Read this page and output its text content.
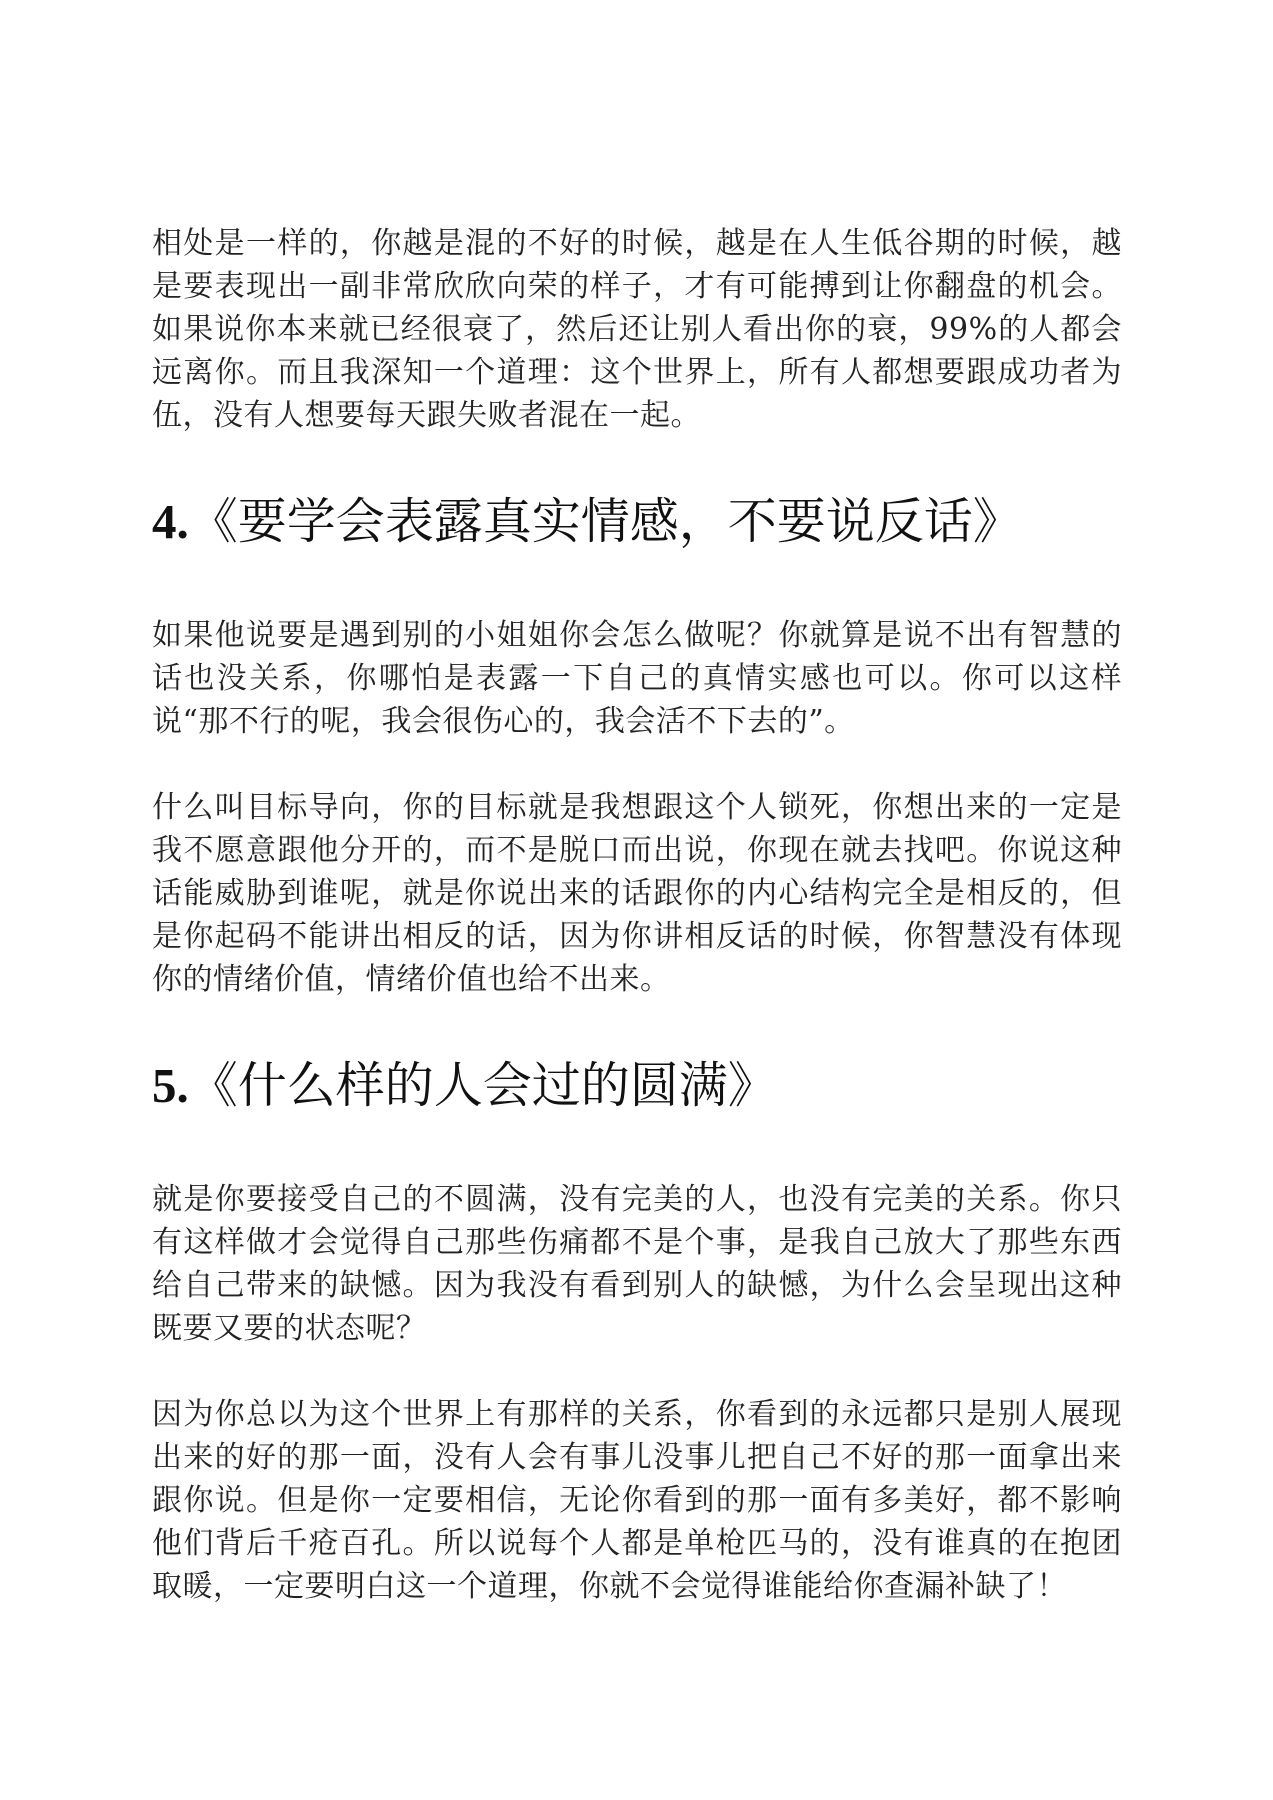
相处是一样的，你越是混的不好的时候，越是在人生低谷期的时候，越是要表现出一副非常欣欣向荣的样子，才有可能搏到让你翻盘的机会。如果说你本来就已经很衰了，然后还让别人看出你的衰，99%的人都会远离你。而且我深知一个道理：这个世界上，所有人都想要跟成功者为伍，没有人想要每天跟失败者混在一起。

4.《要学会表露真实情感，不要说反话》

如果他说要是遇到别的小姐姐你会怎么做呢？你就算是说不出有智慧的话也没关系，你哪怕是表露一下自己的真情实感也可以。你可以这样说“那不行的呢，我会很伤心的，我会活不下去的”。

什么叫目标导向，你的目标就是我想跟这个人锁死，你想出来的一定是我不愿意跟他分开的，而不是脱口而出说，你现在就去找吧。你说这种话能威胁到谁呢，就是你说出来的话跟你的内心结构完全是相反的，但是你起码不能讲出相反的话，因为你讲相反话的时候，你智慧没有体现你的情绪价值，情绪价值也给不出来。

5.《什么样的人会过的圆满》

就是你要接受自己的不圆满，没有完美的人，也没有完美的关系。你只有这样做才会觉得自己那些伤痛都不是个事，是我自己放大了那些东西给自己带来的缺憾。因为我没有看到别人的缺憾，为什么会呈现出这种既要又要的状态呢？

因为你总以为这个世界上有那样的关系，你看到的永远都只是别人展现出来的好的那一面，没有人会有事儿没事儿把自己不好的那一面拿出来跟你说。但是你一定要相信，无论你看到的那一面有多美好，都不影响他们背后千疮百孔。所以说每个人都是单枪匹马的，没有谁真的在抱团取暖，一定要明白这一个道理，你就不会觉得谁能给你查漏补缺了！
